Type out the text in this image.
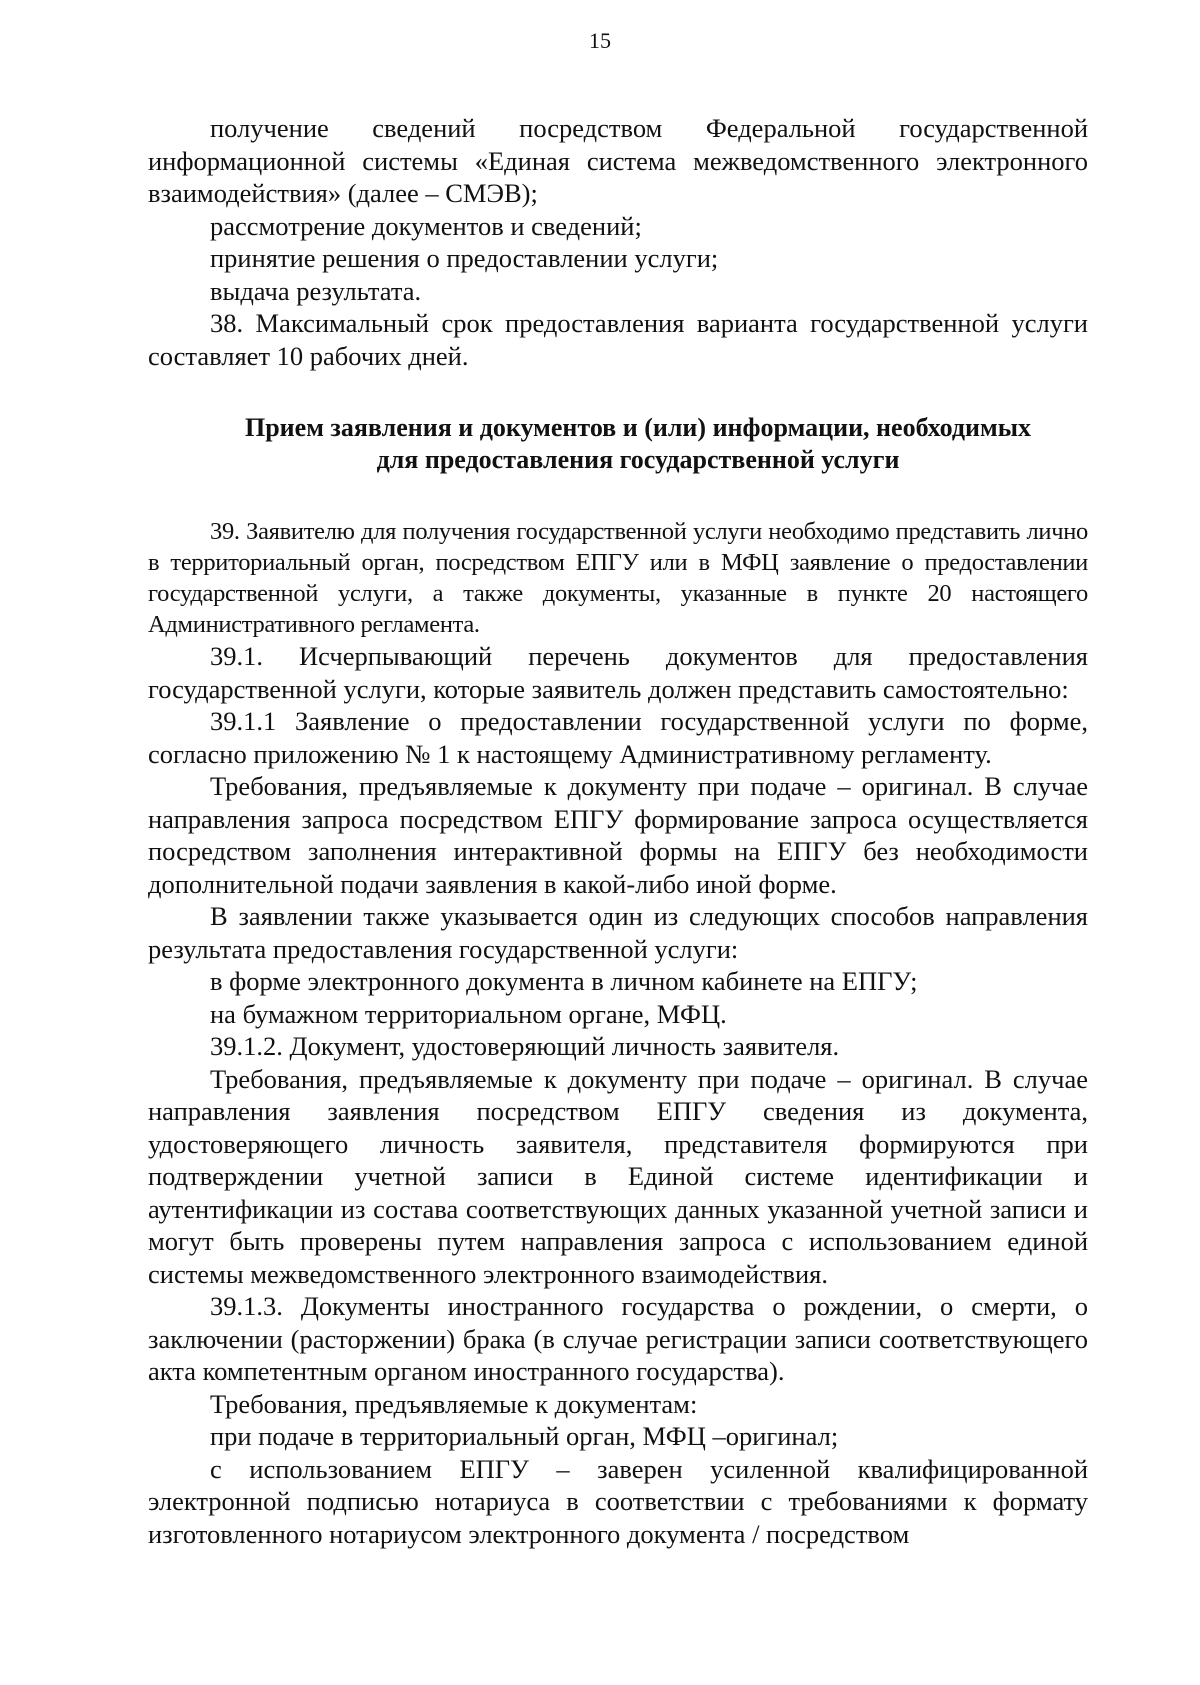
15

получение сведений посредством Федеральной государственной информационной системы «Единая система межведомственного электронного взаимодействия» (далее – СМЭВ);

рассмотрение документов и сведений;

принятие решения о предоставлении услуги;

выдача результата.

38. Максимальный срок предоставления варианта государственной услуги составляет 10 рабочих дней.

Прием заявления и документов и (или) информации, необходимых
для предоставления государственной услуги

39. Заявителю для получения государственной услуги необходимо представить лично в территориальный орган, посредством ЕПГУ или в МФЦ заявление о предоставлении государственной услуги, а также документы, указанные в пункте 20 настоящего Административного регламента.

39.1. Исчерпывающий перечень документов для предоставления государственной услуги, которые заявитель должен представить самостоятельно:

39.1.1 Заявление о предоставлении государственной услуги по форме, согласно приложению № 1 к настоящему Административному регламенту.

Требования, предъявляемые к документу при подаче – оригинал. В случае направления запроса посредством ЕПГУ формирование запроса осуществляется посредством заполнения интерактивной формы на ЕПГУ без необходимости дополнительной подачи заявления в какой-либо иной форме.

В заявлении также указывается один из следующих способов направления результата предоставления государственной услуги:

в форме электронного документа в личном кабинете на ЕПГУ;

на бумажном территориальном органе, МФЦ.

39.1.2. Документ, удостоверяющий личность заявителя.

Требования, предъявляемые к документу при подаче – оригинал. В случае направления заявления посредством ЕПГУ сведения из документа, удостоверяющего личность заявителя, представителя формируются при подтверждении учетной записи в Единой системе идентификации и аутентификации из состава соответствующих данных указанной учетной записи и могут быть проверены путем направления запроса с использованием единой системы межведомственного электронного взаимодействия.

39.1.3. Документы иностранного государства о рождении, о смерти, о заключении (расторжении) брака (в случае регистрации записи соответствующего акта компетентным органом иностранного государства).

Требования, предъявляемые к документам:

при подаче в территориальный орган, МФЦ –оригинал;

с использованием ЕПГУ – заверен усиленной квалифицированной электронной подписью нотариуса в соответствии с требованиями к формату изготовленного нотариусом электронного документа / посредством
